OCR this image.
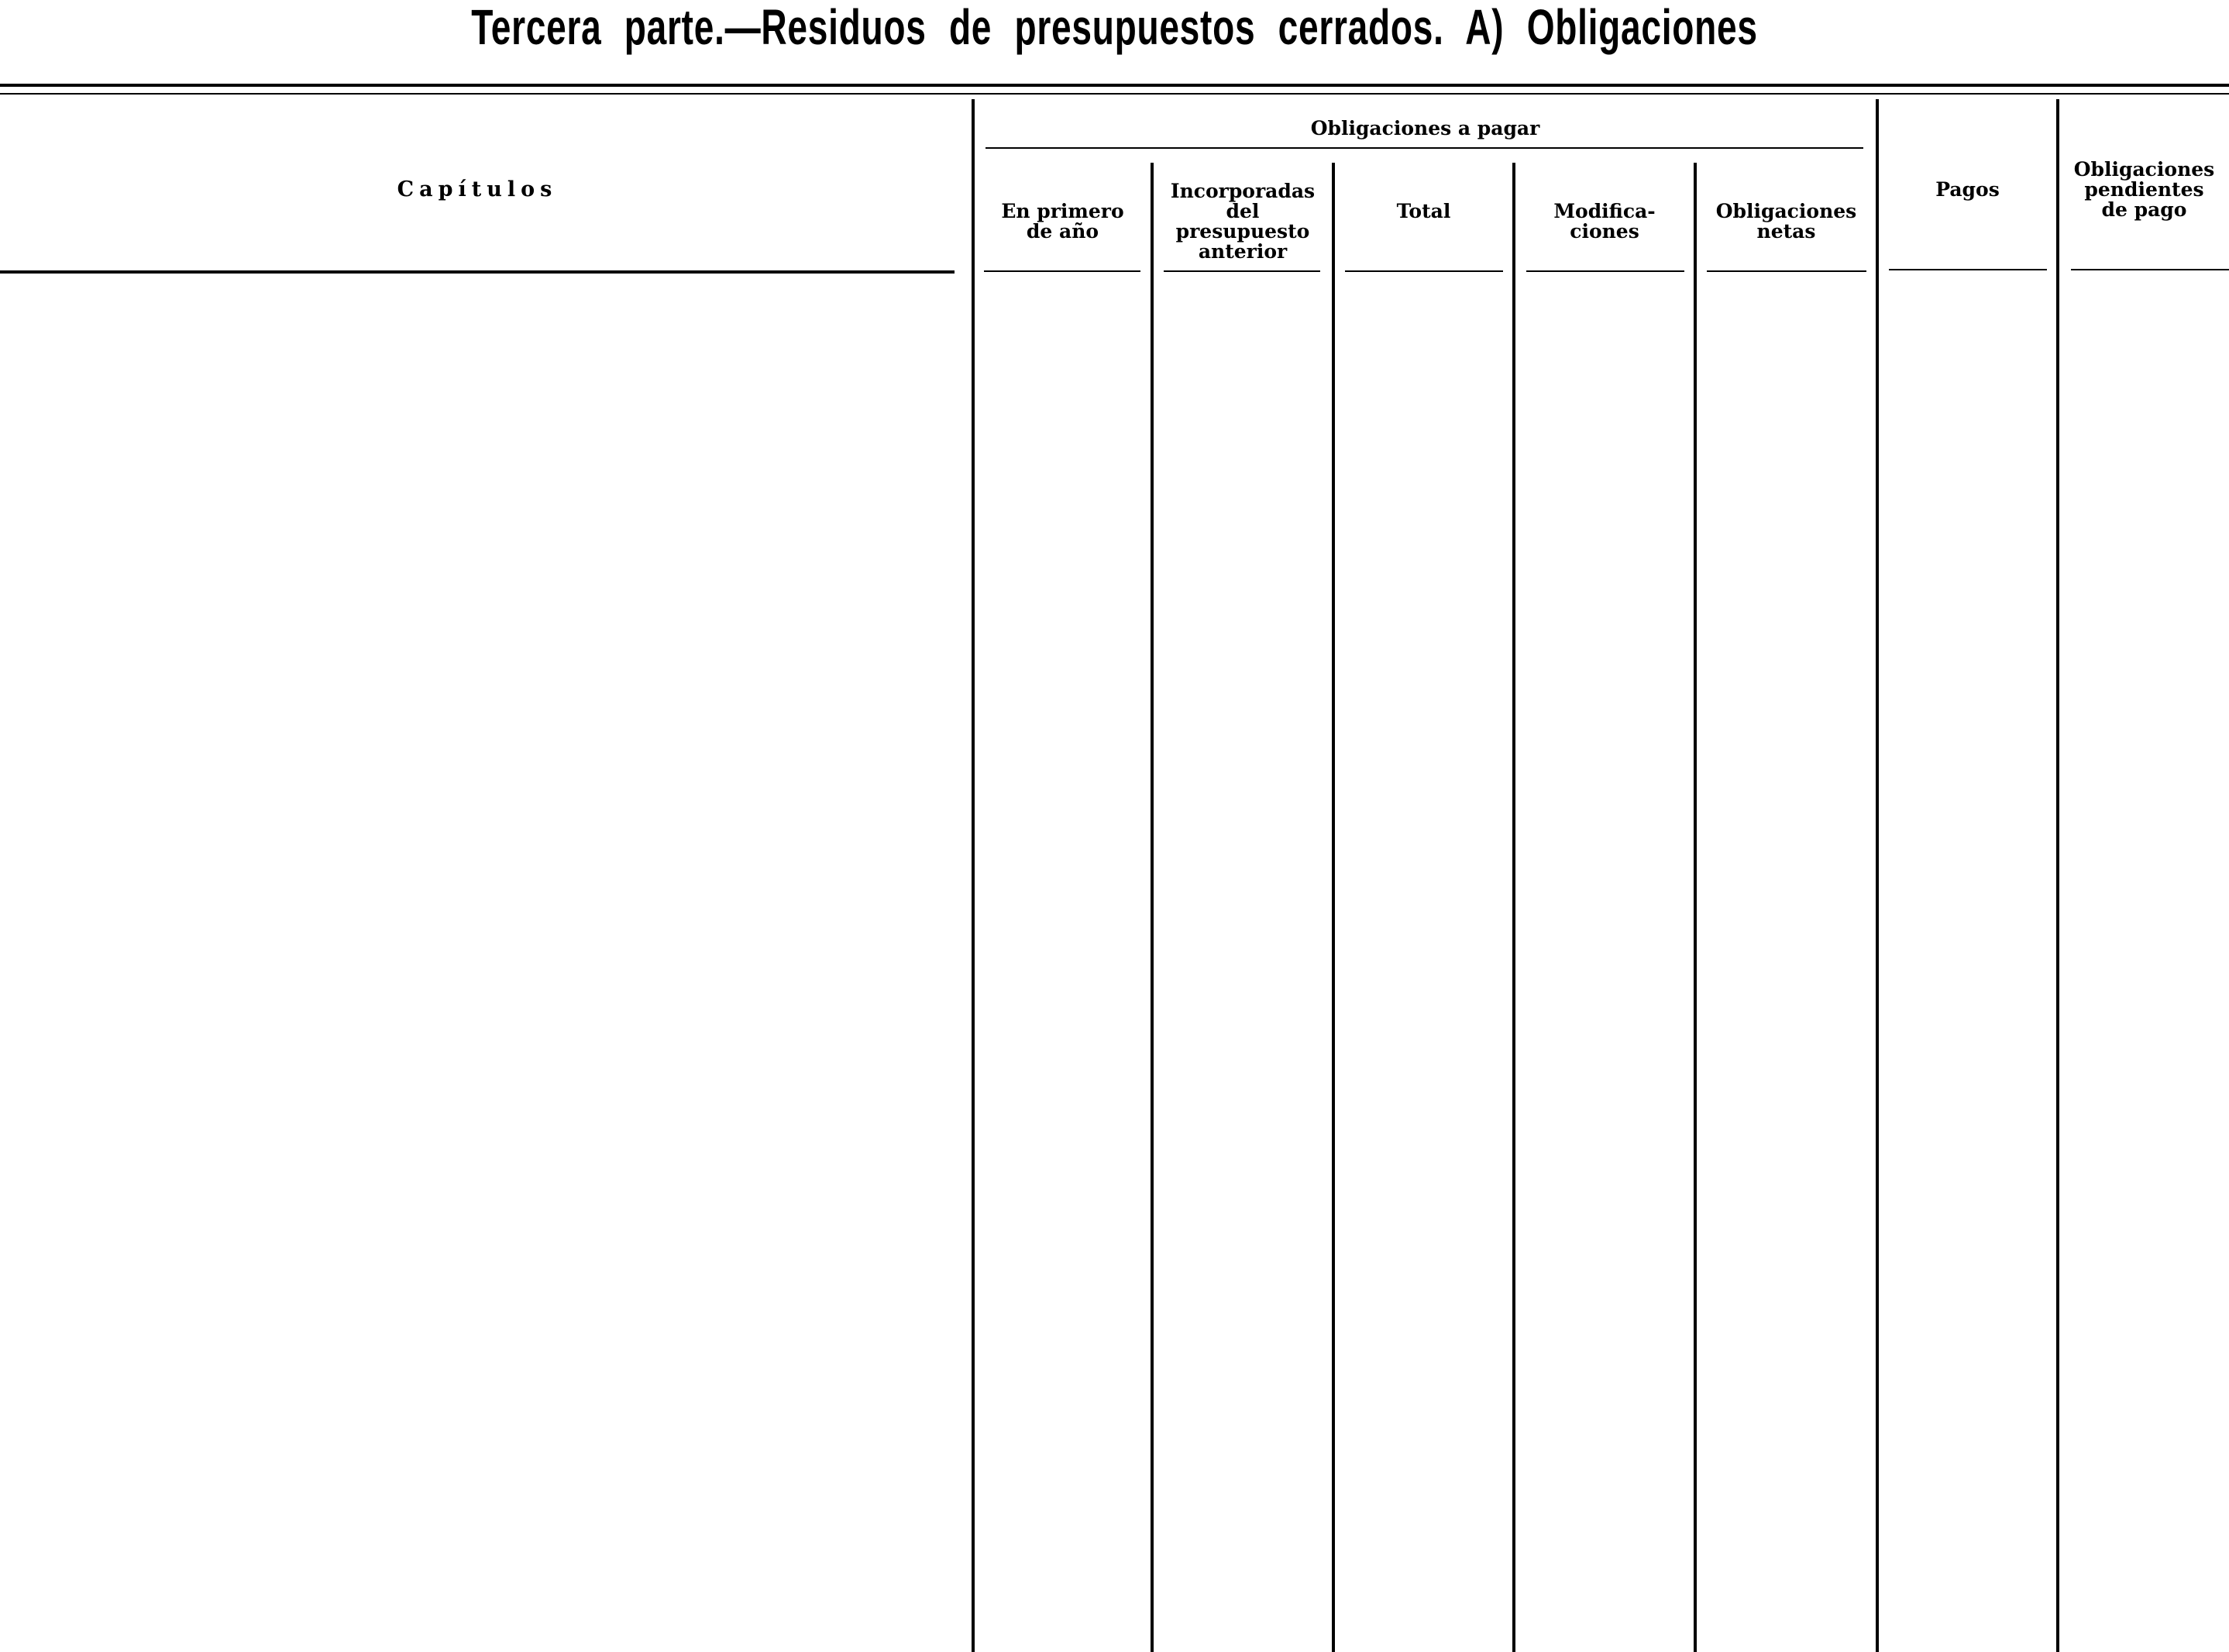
Tercera parte.—Residuos de presupuestos cerrados. A) Obligaciones
Capítulos
Obligaciones a pagar
En primero
de año
Incorporadas
del
presupuesto
anterior
Total	Modifica-
ciones
Obligaciones
netas
Pagos
Obligaciones
pendientes
de pago
